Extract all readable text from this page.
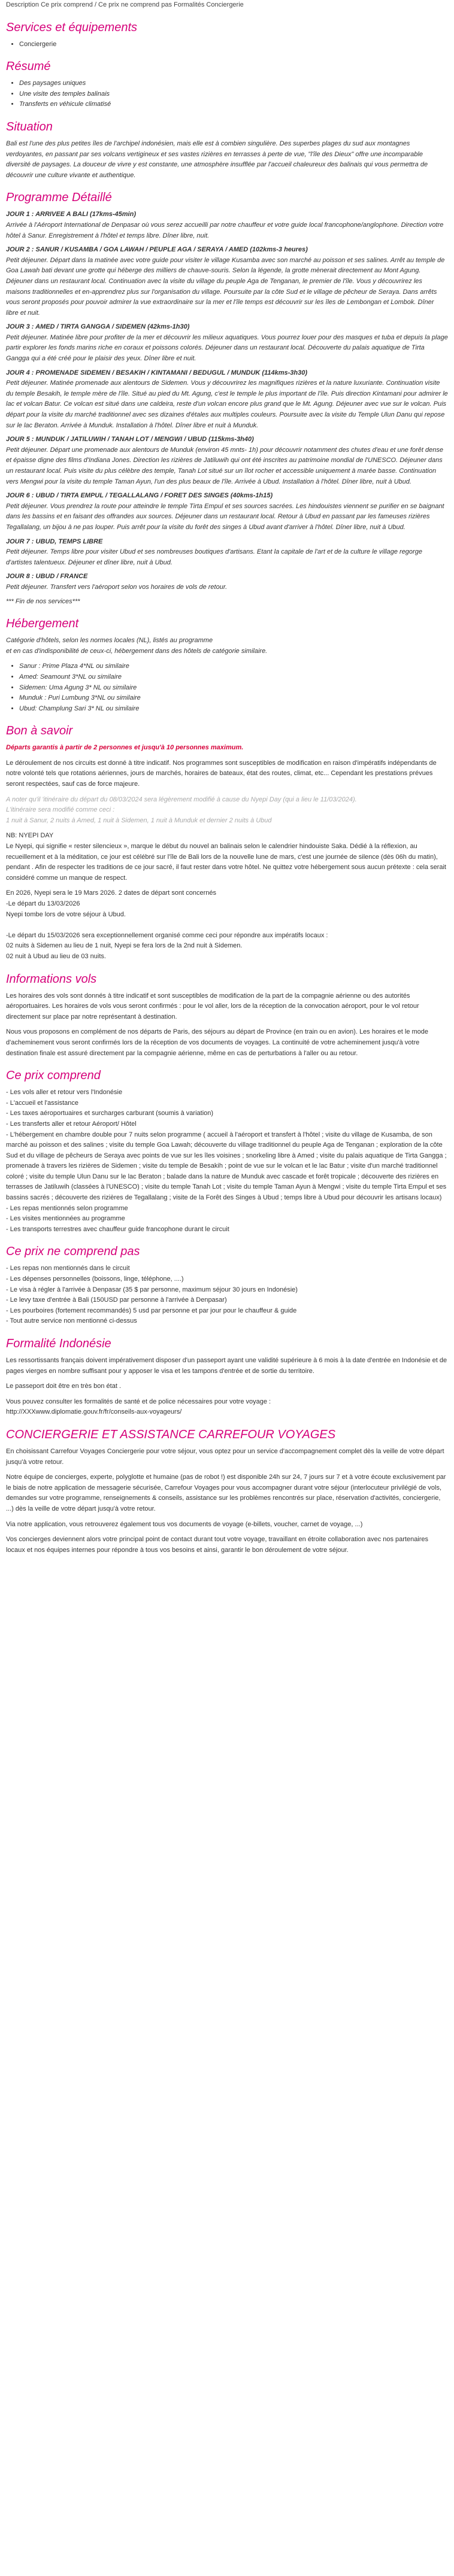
Description Ce prix comprend / Ce prix ne comprend pas Formalités Conciergerie
Services et équipements
• Conciergerie
Résumé
• Des paysages uniques
• Une visite des temples balinais
• Transferts en véhicule climatisé
Situation

Bali est l'une des plus petites îles de l'archipel indonésien, mais elle est à combien singulière. Des superbes plages du sud aux montagnes verdoyantes, en passant par ses volcans vertigineux et ses vastes rizières en terrasses à perte de vue, "l'île des Dieux" offre une incomparable diversité de paysages. La douceur de vivre y est constante, une atmosphère insufflée par l'accueil chaleureux des balinais qui vous permettra de découvrir une culture vivante et authentique.

Programme Détaillé
JOUR 1 : ARRIVEE A BALI (17kms-45min)
Arrivée à l'Aéroport International de Denpasar où vous serez accueilli par notre chauffeur et votre guide local francophone/anglophone. Direction votre hôtel à Sanur. Enregistrement à l'hôtel et temps libre. Dîner libre, nuit.
JOUR 2 : SANUR / KUSAMBA / GOA LAWAH / PEUPLE AGA / SERAYA / AMED (102kms-3 heures)
Petit déjeuner. Départ dans la matinée avec votre guide pour visiter le village Kusamba avec son marché au poisson et ses salines. Arrêt au temple de Goa Lawah bati devant une grotte qui héberge des milliers de chauve-souris. Selon la légende, la grotte mènerait directement au Mont Agung. Déjeuner dans un restaurant local. Continuation avec la visite du village du peuple Aga de Tenganan, le premier de l'île. Vous y découvrirez les maisons traditionnelles et en-apprendrez plus sur l'organisation du village. Poursuite par la côte Sud et le village de pêcheur de Seraya. Dans arrêts vous seront proposés pour pouvoir admirer la vue extraordinaire sur la mer et l'île temps est découvrir sur les îles de Lembongan et Lombok. Dîner libre et nuit.
JOUR 3 : AMED / TIRTA GANGGA / SIDEMEN (42kms-1h30)
Petit déjeuner. Matinée libre pour profiter de la mer et découvrir les milieux aquatiques. Vous pourrez louer pour des masques et tuba et depuis la plage partir explorer les fonds marins riche en coraux et poissons colorés. Déjeuner dans un restaurant local. Découverte du palais aquatique de Tirta Gangga qui a été créé pour le plaisir des yeux. Dîner libre et nuit.
JOUR 4 : PROMENADE SIDEMEN / BESAKIH / KINTAMANI / BEDUGUL / MUNDUK (114kms-3h30)
Petit déjeuner. Matinée promenade aux alentours de Sidemen. Vous y découvrirez les magnifiques rizières et la nature luxuriante. Continuation visite du temple Besakih, le temple mère de l'île. Situé au pied du Mt. Agung, c'est le temple le plus important de l'île. Puis direction Kintamani pour admirer le lac et volcan Batur. Ce volcan est situé dans une caldeira, reste d'un volcan encore plus grand que le Mt. Agung. Déjeuner avec vue sur le volcan. Puis départ pour la visite du marché traditionnel avec ses dizaines d'étales aux multiples couleurs. Poursuite avec la visite du Temple Ulun Danu qui repose sur le lac Beraton. Arrivée à Munduk. Installation à l'hôtel. Dîner libre et nuit à Munduk.
JOUR 5 : MUNDUK / JATILUWIH / TANAH LOT / MENGWI / UBUD (115kms-3h40)
Petit déjeuner. Départ une promenade aux alentours de Munduk (environ 45 mnts- 1h) pour découvrir notamment des chutes d'eau et une forêt dense et épaisse digne des films d'Indiana Jones. Direction les rizières de Jatiluwih qui ont été inscrites au patrimoine mondial de l'UNESCO. Déjeuner dans un restaurant local. Puis visite du plus célèbre des temple, Tanah Lot situé sur un îlot rocher et accessible uniquement à marée basse. Continuation vers Mengwi pour la visite du temple Taman Ayun, l'un des plus beaux de l'île. Arrivée à Ubud. Installation à l'hôtel. Dîner libre, nuit à Ubud.
JOUR 6 : UBUD / TIRTA EMPUL / TEGALLALANG / FORET DES SINGES (40kms-1h15)
Petit déjeuner. Vous prendrez la route pour atteindre le temple Tirta Empul et ses sources sacrées. Les hindouistes viennent se purifier en se baignant dans les bassins et en faisant des offrandes aux sources. Déjeuner dans un restaurant local. Retour à Ubud en passant par les fameuses rizières Tegallalang, un bijou à ne pas louper. Puis arrêt pour la visite du forêt des singes à Ubud avant d'arriver à l'hôtel. Dîner libre, nuit à Ubud.
JOUR 7 : UBUD, TEMPS LIBRE
Petit déjeuner. Temps libre pour visiter Ubud et ses nombreuses boutiques d'artisans. Etant la capitale de l'art et de la culture le village regorge d'artistes talentueux. Déjeuner et dîner libre, nuit à Ubud.
JOUR 8 : UBUD / FRANCE
Petit déjeuner. Transfert vers l'aéroport selon vos horaires de vols de retour.

*** Fin de nos services***

Hébergement

Catégorie d'hôtels, selon les normes locales (NL), listés au programme
et en cas d'indisponibilité de ceux-ci, hébergement dans des hôtels de catégorie similaire.

• Sanur : Prime Plaza 4*NL ou similaire
• Amed: Seamount 3*NL ou similaire
• Sidemen: Uma Agung 3* NL ou similaire
• Munduk : Puri Lumbung 3*NL ou similaire
• Ubud: Champlung Sari 3* NL ou similaire
Bon à savoir

Départs garantis à partir de 2 personnes et jusqu'à 10 personnes maximum.

Le déroulement de nos circuits est donné à titre indicatif. Nos programmes sont susceptibles de modification en raison d'impératifs indépendants de notre volonté tels que rotations aériennes, jours de marchés, horaires de bateaux, état des routes, climat, etc... Cependant les prestations prévues seront respectées, sauf cas de force majeure.

A noter qu'il 'itinéraire du départ du 08/03/2024 sera légèrement modifié à cause du Nyepi Day (qui a lieu le 11/03/2024).
L'itinéraire sera modifié comme ceci :
1 nuit à Sanur, 2 nuits à Amed, 1 nuit à Sidemen, 1 nuit à Munduk et dernier 2 nuits à Ubud

NB: NYEPI DAY
Le Nyepi, qui signifie « rester silencieux », marque le début du nouvel an balinais selon le calendrier hindouiste Saka. Dédié à la réflexion, au recueillement et à la méditation, ce jour est célébré sur l'île de Bali lors de la nouvelle lune de mars, c'est une journée de silence (dès 06h du matin), pendant . Afin de respecter les traditions de ce jour sacré, il faut rester dans votre hôtel. Ne quittez votre hébergement sous aucun prétexte : cela serait considéré comme un manque de respect.

En 2026, Nyepi sera le 19 Mars 2026. 2 dates de départ sont concernés
-Le départ du 13/03/2026
Nyepi tombe lors de votre séjour à Ubud.

-Le départ du 15/03/2026 sera exceptionnellement organisé comme ceci pour répondre aux impératifs locaux :
02 nuits à Sidemen au lieu de 1 nuit, Nyepi se fera lors de la 2nd nuit à Sidemen.
02 nuit à Ubud au lieu de 03 nuits.

Informations vols

Les horaires des vols sont donnés à titre indicatif et sont susceptibles de modification de la part de la compagnie aérienne ou des autorités aéroportuaires. Les horaires de vols vous seront confirmés : pour le vol aller, lors de la réception de la convocation aéroport, pour le vol retour directement sur place par notre représentant à destination.

Nous vous proposons en complément de nos départs de Paris, des séjours au départ de Province (en train ou en avion). Les horaires et le mode d'acheminement vous seront confirmés lors de la réception de vos documents de voyages. La continuité de votre acheminement jusqu'à votre destination finale est assuré directement par la compagnie aérienne, même en cas de perturbations à l'aller ou au retour.

Ce prix comprend

- Les vols aller et retour vers l'Indonésie
- L'accueil et l'assistance
- Les taxes aéroportuaires et surcharges carburant (soumis à variation)
- Les transferts aller et retour Aéroport/ Hôtel
- L'hébergement en chambre double pour 7 nuits selon programme ( accueil à l'aéroport et transfert à l'hôtel ; visite du village de Kusamba, de son marché au poisson et des salines ; visite du temple Goa Lawah; découverte du village traditionnel du peuple Aga de Tenganan ; exploration de la côte Sud et du village de pêcheurs de Seraya avec points de vue sur les îles voisines ; snorkeling libre à Amed ; visite du palais aquatique de Tirta Gangga ; promenade à travers les rizières de Sidemen ; visite du temple de Besakih ; point de vue sur le volcan et le lac Batur ; visite d'un marché traditionnel coloré ; visite du temple Ulun Danu sur le lac Beraton ; balade dans la nature de Munduk avec cascade et forêt tropicale ; découverte des rizières en terrasses de Jatiluwih (classées à l'UNESCO) ; visite du temple Tanah Lot ; visite du temple Taman Ayun à Mengwi ; visite du temple Tirta Empul et ses bassins sacrés ; découverte des rizières de Tegallalang ; visite de la Forêt des Singes à Ubud ; temps libre à Ubud pour découvrir les artisans locaux)
- Les repas mentionnés selon programme
- Les visites mentionnées au programme
- Les transports terrestres avec chauffeur guide francophone durant le circuit

Ce prix ne comprend pas

- Les repas non mentionnés dans le circuit
- Les dépenses personnelles (boissons, linge, téléphone, ....)
- Le visa à régler à l'arrivée à Denpasar (35 $ par personne, maximum séjour 30 jours en Indonésie)
- Le levy taxe d'entrée à Bali (150USD par personne à l'arrivée à Denpasar)
- Les pourboires (fortement recommandés) 5 usd par personne et par jour pour le chauffeur & guide
- Tout autre service non mentionné ci-dessus

Formalité Indonésie

Les ressortissants français doivent impérativement disposer d'un passeport ayant une validité supérieure à 6 mois à la date d'entrée en Indonésie et de pages vierges en nombre suffisant pour y apposer le visa et les tampons d'entrée et de sortie du territoire.

Le passeport doit être en très bon état .

Vous pouvez consulter les formalités de santé et de police nécessaires pour votre voyage :
http://XXXwww.diplomatie.gouv.fr/fr/conseils-aux-voyageurs/

CONCIERGERIE ET ASSISTANCE CARREFOUR VOYAGES

En choisissant Carrefour Voyages Conciergerie pour votre séjour, vous optez pour un service d'accompagnement complet dès la veille de votre départ jusqu'à votre retour.

Notre équipe de concierges, experte, polyglotte et humaine (pas de robot !) est disponible 24h sur 24, 7 jours sur 7 et à votre écoute exclusivement par le biais de notre application de messagerie sécurisée, Carrefour Voyages pour vous accompagner durant votre séjour (interlocuteur privilégié de vols, demandes sur votre programme, renseignements & conseils, assistance sur les problèmes rencontrés sur place, réservation d'activités, conciergerie, ...) dès la veille de votre départ jusqu'à votre retour.

Via notre application, vous retrouverez également tous vos documents de voyage (e-billets, voucher, carnet de voyage, ...)

Vos concierges deviennent alors votre principal point de contact durant tout votre voyage, travaillant en étroite collaboration avec nos partenaires locaux et nos équipes internes pour répondre à tous vos besoins et ainsi, garantir le bon déroulement de votre séjour.
